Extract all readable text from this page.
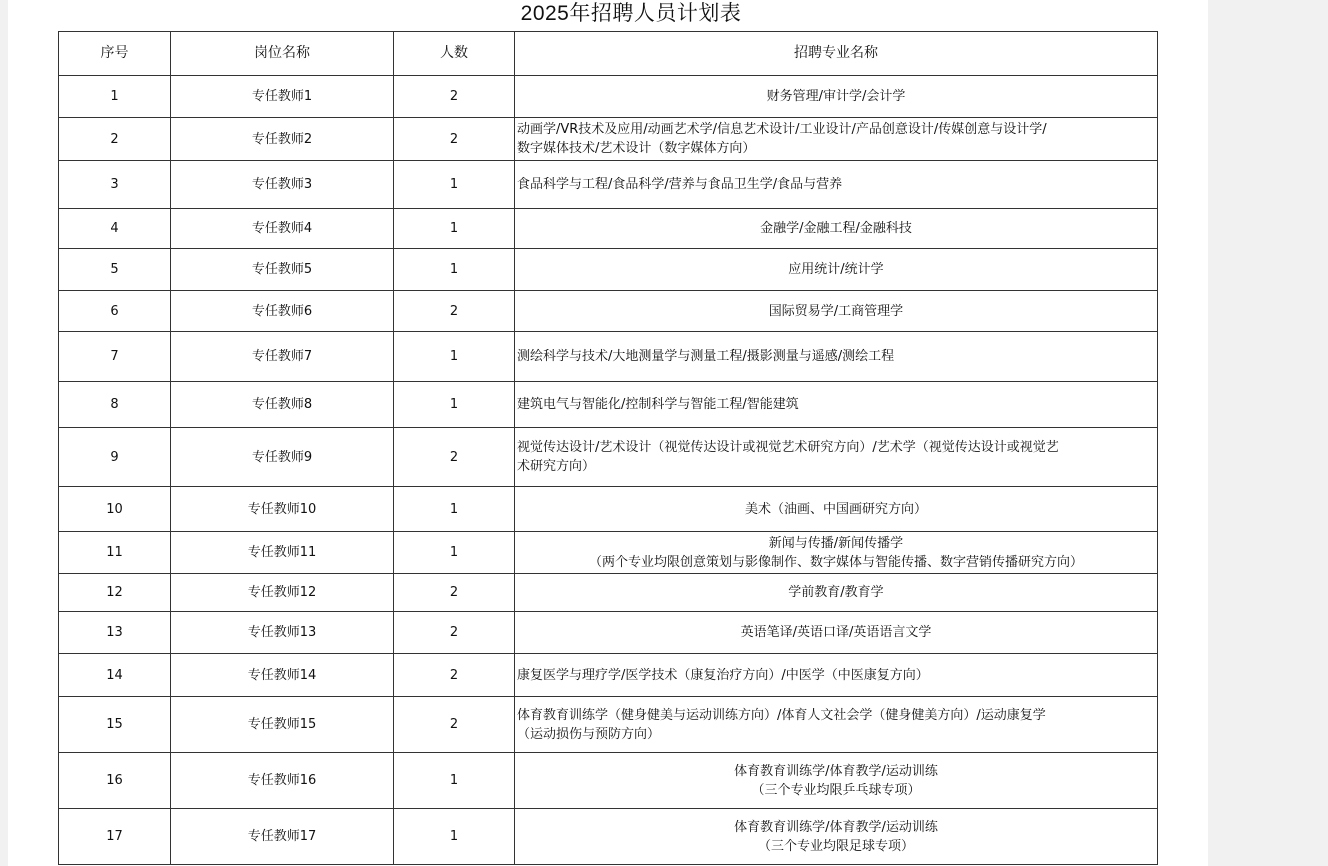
2025年招聘人员计划表
序号	岗位名称	人数	招聘专业名称
1	专任教师1	2	财务管理/审计学/会计学

2	专任教师2	2	动画学/VR技术及应用/动画艺术学/信息艺术设计/工业设计/产品创意设计/传媒创意与设计学/
数字媒体技术/艺术设计（数字媒体方向）

3	专任教师3	1	食品科学与工程/食品科学/营养与食品卫生学/食品与营养

4	专任教师4	1	金融学/金融工程/金融科技

5	专任教师5	1	应用统计/统计学

6	专任教师6	2	国际贸易学/工商管理学

7	专任教师7	1	测绘科学与技术/大地测量学与测量工程/摄影测量与遥感/测绘工程

8	专任教师8	1	建筑电气与智能化/控制科学与智能工程/智能建筑

9	专任教师9	2	视觉传达设计/艺术设计（视觉传达设计或视觉艺术研究方向）/艺术学（视觉传达设计或视觉艺
术研究方向）

10	专任教师10	1	美术（油画、中国画研究方向）

11	专任教师11	1	新闻与传播/新闻传播学
（两个专业均限创意策划与影像制作、数字媒体与智能传播、数字营销传播研究方向）

12	专任教师12	2	学前教育/教育学

13	专任教师13	2	英语笔译/英语口译/英语语言文学

14	专任教师14	2	康复医学与理疗学/医学技术（康复治疗方向）/中医学（中医康复方向）

15	专任教师15	2	体育教育训练学（健身健美与运动训练方向）/体育人文社会学（健身健美方向）/运动康复学
（运动损伤与预防方向）

16	专任教师16	1	体育教育训练学/体育教学/运动训练
（三个专业均限乒乓球专项）

17	专任教师17	1	体育教育训练学/体育教学/运动训练
（三个专业均限足球专项）
